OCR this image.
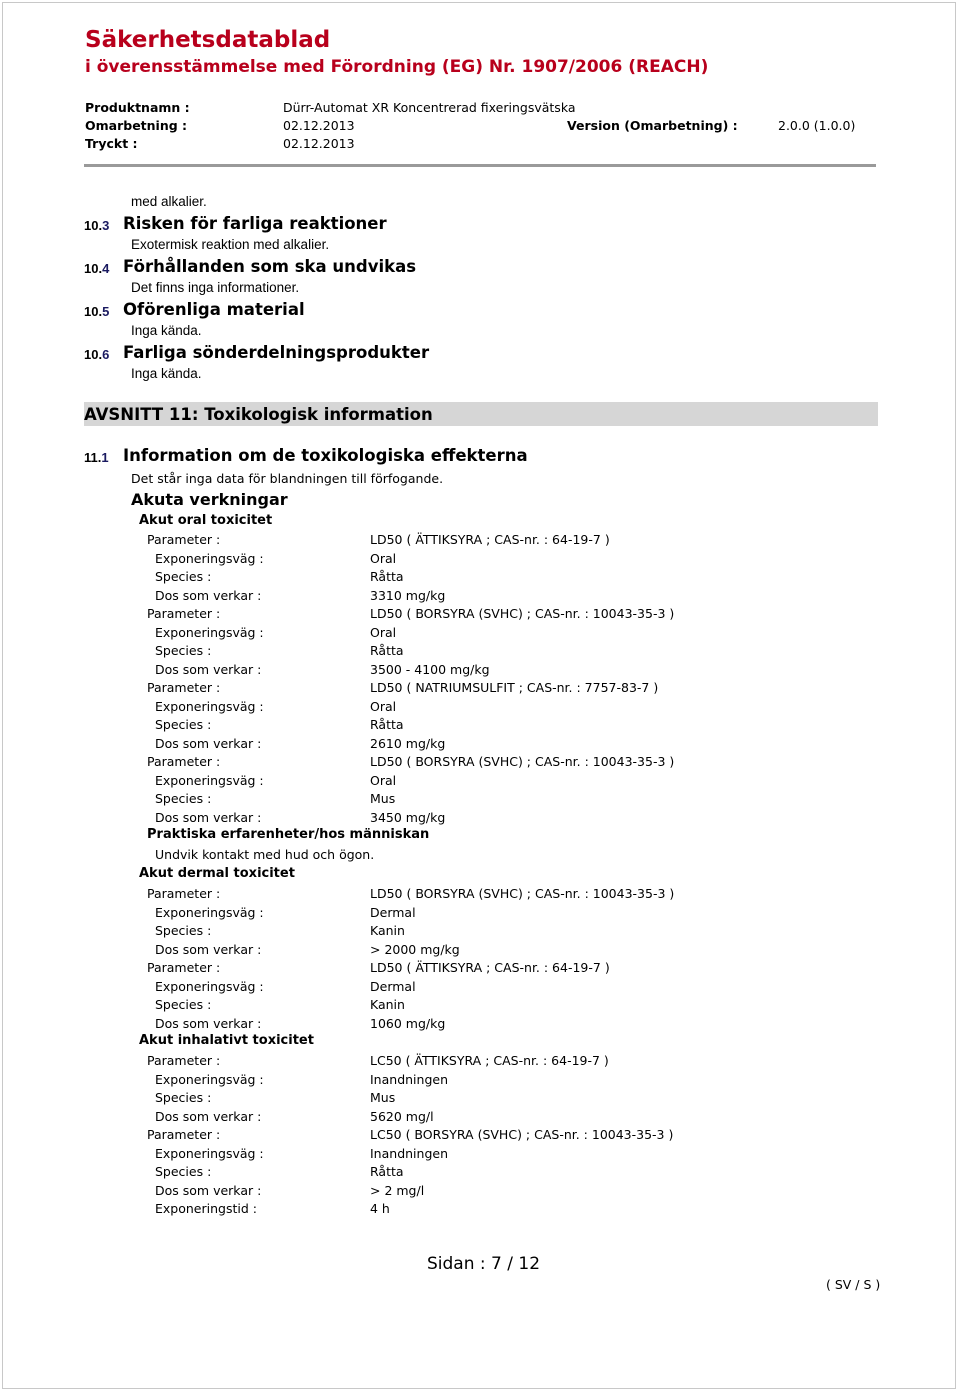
Säkerhetsdatablad
i överensstämmelse med Förordning (EG) Nr. 1907/2006 (REACH)
Produktnamn :	Dürr-Automat XR Koncentrerad fixeringsvätska
Omarbetning :	02.12.2013	Version (Omarbetning) :	2.0.0 (1.0.0)
Tryckt :	02.12.2013
med alkalier.
10.3 Risken för farliga reaktioner
Exotermisk reaktion med alkalier.
10.4 Förhållanden som ska undvikas
Det finns inga informationer.
10.5 Oförenliga material
Inga kända.
10.6 Farliga sönderdelningsprodukter
Inga kända.
AVSNITT 11: Toxikologisk information
11.1 Information om de toxikologiska effekterna
Det står inga data för blandningen till förfogande.
Akuta verkningar
Akut oral toxicitet
Parameter :	LD50 ( ÄTTIKSYRA ; CAS-nr. : 64-19-7 )
Exponeringsväg :	Oral
Species :	Råtta
Dos som verkar :	3310 mg/kg
Parameter :	LD50 ( BORSYRA (SVHC) ; CAS-nr. : 10043-35-3 )
Exponeringsväg :	Oral
Species :	Råtta
Dos som verkar :	3500 - 4100 mg/kg
Parameter :	LD50 ( NATRIUMSULFIT ; CAS-nr. : 7757-83-7 )
Exponeringsväg :	Oral
Species :	Råtta
Dos som verkar :	2610 mg/kg
Parameter :	LD50 ( BORSYRA (SVHC) ; CAS-nr. : 10043-35-3 )
Exponeringsväg :	Oral
Species :	Mus
Dos som verkar :	3450 mg/kg
Praktiska erfarenheter/hos människan
Undvik kontakt med hud och ögon.
Akut dermal toxicitet
Parameter :	LD50 ( BORSYRA (SVHC) ; CAS-nr. : 10043-35-3 )
Exponeringsväg :	Dermal
Species :	Kanin
Dos som verkar :	> 2000 mg/kg
Parameter :	LD50 ( ÄTTIKSYRA ; CAS-nr. : 64-19-7 )
Exponeringsväg :	Dermal
Species :	Kanin
Dos som verkar :	1060 mg/kg
Akut inhalativt toxicitet
Parameter :	LC50 ( ÄTTIKSYRA ; CAS-nr. : 64-19-7 )
Exponeringsväg :	Inandningen
Species :	Mus
Dos som verkar :	5620 mg/l
Parameter :	LC50 ( BORSYRA (SVHC) ; CAS-nr. : 10043-35-3 )
Exponeringsväg :	Inandningen
Species :	Råtta
Dos som verkar :	> 2 mg/l
Exponeringstid :	4 h
Sidan : 7 / 12
( SV / S )
